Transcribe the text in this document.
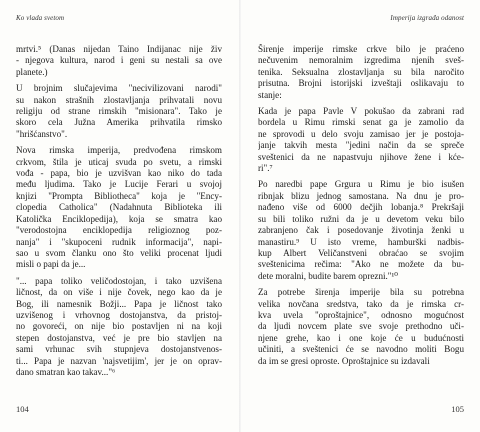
Ko vlada svetom

mrtvi.⁵ (Danas nijedan Taino Indijanac nije živ
- njegova kultura, narod i geni su nestali sa ove
planete.)

U brojnim slučajevima "necivilizovani narodi"
su nakon strašnih zlostavljanja prihvatali novu
religiju od strane rimskih "misionara". Tako je
skoro cela Južna Amerika prihvatila rimsko
"hrišćanstvo".

Nova rimska imperija, predvođena rimskom
crkvom, štila je uticaj svuda po svetu, a rimski
vođa - papa, bio je uzvišvan kao niko do tada
među ljudima. Tako je Lucije Ferari u svojoj
knjizi "Prompta Bibliotheca" koja je "Ency-
clopedia Catholica" (Nadahnuta Biblioteka ili
Katolička Enciklopedija), koja se smatra kao
"verodostojna enciklopedija religioznog poz-
nanja" i "skupoceni rudnik informacija", napi-
sao u svom članku ono što veliki procenat ljudi
misli o papi da je...

"... papa toliko veličodostojan, i tako uzvišena
ličnost, da on više i nije čovek, nego kao da je
Bog, ili namesnik Božji... Papa je ličnost tako
uzvišenog i vrhovnog dostojanstva, da pristoj-
no govoreći, on nije bio postavljen ni na koji
stepen dostojanstva, već je pre bio stavljen na
sami vrhunac svih stupnjeva dostojanstvenos-
ti... Papa je nazvan 'najsvetijim', jer je on oprav-
dano smatran kao takav..."⁶

104
Imperija izgrađa odanost

Širenje imperije rimske crkve bilo je praćeno
nečuvenim nemoralnim izgredima njenih sveš-
tenika. Seksualna zlostavljanja su bila naročito
prisutna. Brojni istorijski izveštaji oslikavaju to
stanje:

Kada je papa Pavle V pokušao da zabrani rad
bordela u Rimu rimski senat ga je zamolio da
ne sprovodi u delo svoju zamisao jer je postoja-
janje takvih mesta "jedini način da se spreče
sveštenici da ne napastvuju njihove žene i kće-
ri".⁷

Po naredbi pape Grgura u Rimu je bio isušen
ribnjak blizu jednog samostana. Na dnu je pro-
nađeno više od 6000 dečjih lobanja.⁸ Prekršaji
su bili toliko ružni da je u devetom veku bilo
zabranjeno čak i posedovanje životinja ženki u
manastiru.⁹ U isto vreme, hamburški nadbis-
kup Albert Veličanstveni obraćao se svojim
sveštenicima rečima: "Ako ne možete da bu-
dete moralni, budite barem oprezni."¹⁰

Za potrebe širenja imperije bila su potrebna
velika novčana sredstva, tako da je rimska cr-
kva uvela "oproštajnice", odnosno mogućnost
da ljudi novcem plate sve svoje prethodno uči-
njene grehe, kao i one koje će u budućnosti
učiniti, a sveštenici će se navodno moliti Bogu
da im se gresi oproste. Oproštajnice su izdavali

105
